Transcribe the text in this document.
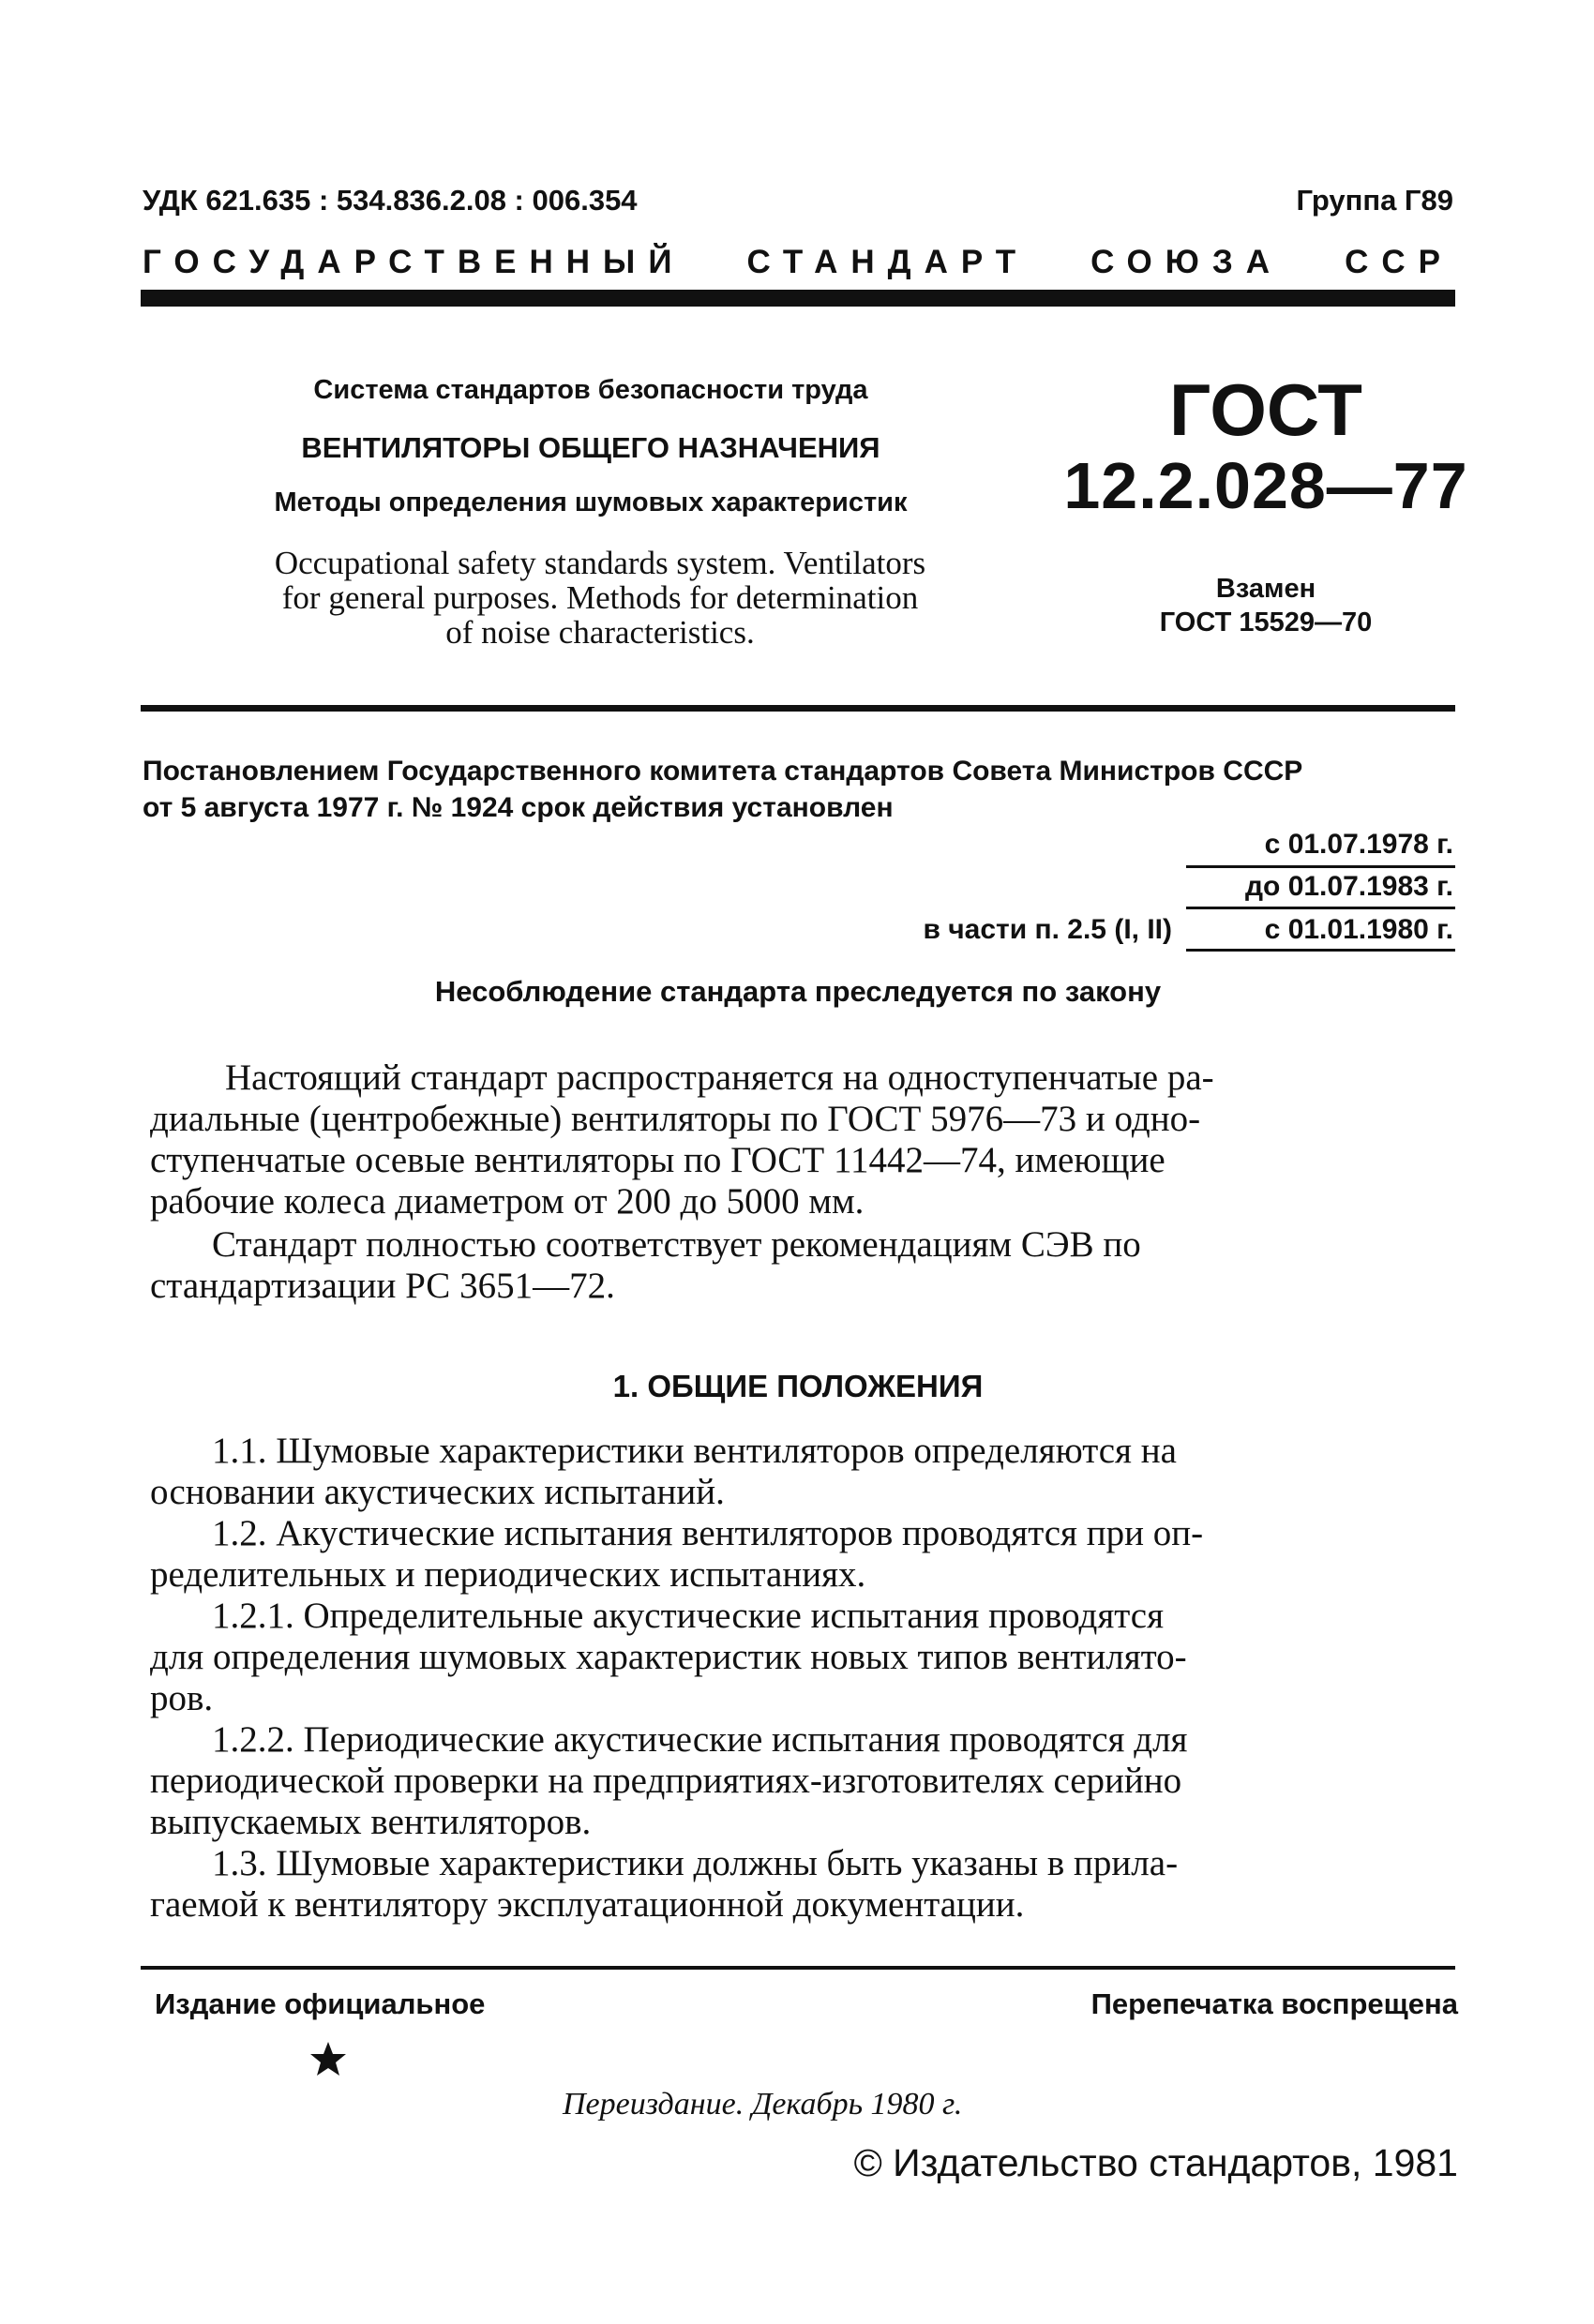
УДК 621.635 : 534.836.2.08 : 006.354	Группа Г89
ГОСУДАРСТВЕННЫЙ СТАНДАРТ СОЮЗА ССР
Система стандартов безопасности труда
ВЕНТИЛЯТОРЫ ОБЩЕГО НАЗНАЧЕНИЯ
Методы определения шумовых характеристик
Occupational safety standards system. Ventilators
for general purposes. Methods for determination
of noise characteristics.
ГОСТ
12.2.028—77
Взамен
ГОСТ 15529—70
Постановлением Государственного комитета стандартов Совета Министров СССР
от 5 августа 1977 г. № 1924 срок действия установлен
с 01.07.1978 г.
до 01.07.1983 г.
в части п. 2.5 (I, II)	с 01.01.1980 г.
Несоблюдение стандарта преследуется по закону
Настоящий стандарт распространяется на одноступенчатые ра-
диальные (центробежные) вентиляторы по ГОСТ 5976—73 и одно-
ступенчатые осевые вентиляторы по ГОСТ 11442—74, имеющие
рабочие колеса диаметром от 200 до 5000 мм.
Стандарт полностью соответствует рекомендациям СЭВ по
стандартизации РС 3651—72.
1. ОБЩИЕ ПОЛОЖЕНИЯ
1.1. Шумовые характеристики вентиляторов определяются на
основании акустических испытаний.
1.2. Акустические испытания вентиляторов проводятся при оп-
ределительных и периодических испытаниях.
1.2.1. Определительные акустические испытания проводятся
для определения шумовых характеристик новых типов вентилято-
ров.
1.2.2. Периодические акустические испытания проводятся для
периодической проверки на предприятиях-изготовителях серийно
выпускаемых вентиляторов.
1.3. Шумовые характеристики должны быть указаны в прила-
гаемой к вентилятору эксплуатационной документации.
Издание официальное	Перепечатка воспрещена
Переиздание. Декабрь 1980 г.
© Издательство стандартов, 1981
